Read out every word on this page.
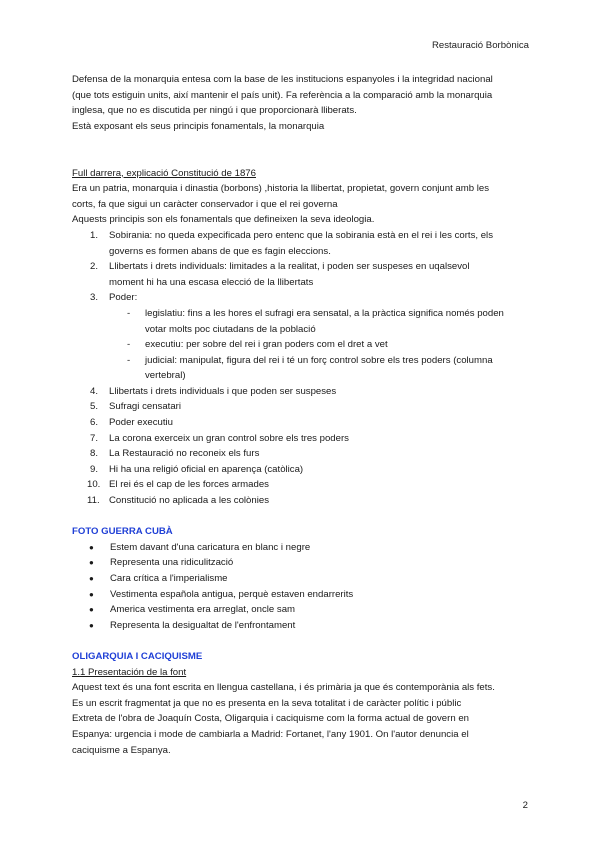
Restauració Borbònica

Defensa de la monarquia entesa com la base de les institucions espanyoles i la integridad nacional

(que tots estiguin units, així mantenir el país unit). Fa referència a la comparació amb la monarquia

inglesa, que no es discutida per ningú i que proporcionarà lliberats.

Està exposant els seus principis fonamentals, la monarquia

Full darrera, explicació Constitució de 1876

Era un patria, monarquia i dinastia (borbons) ,historia la llibertat, propietat, govern conjunt amb les

corts, fa que sigui un caràcter conservador i que el rei governa

Aquests principis son els fonamentals que defineixen la seva ideologia.

1.	Sobirania: no queda expecificada pero entenc que la sobirania està en el rei i les corts, els
governs es formen abans de que es fagin eleccions.
2.	Llibertats i drets individuals: limitades a la realitat, i poden ser suspeses en uqalsevol
moment hi ha una escasa elecció de la llibertats
3.	Poder:
- legislatiu: fins a les hores el sufragi era sensatal, a la pràctica significa només poden
votar molts poc ciutadans de la població
- executiu: per sobre del rei i gran poders com el dret a vet
- judicial: manipulat, figura del rei i té un forç control sobre els tres poders (columna
vertebral)
4.	Llibertats i drets individuals i que poden ser suspeses
5.	Sufragi censatari
6.	Poder executiu
7.	La corona exerceix un gran control sobre els tres poders
8.	La Restauració no reconeix els furs
9.	Hi ha una religió oficial en aparença (catòlica)
10. El rei és el cap de les forces armades
11. Constitució no aplicada a les colònies

FOTO GUERRA CUBÀ

● Estem davant d'una caricatura en blanc i negre
● Representa una ridiculització
● Cara crítica a l'imperialisme
● Vestimenta española antigua, perquè estaven endarrerits
● America vestimenta era arreglat, oncle sam
● Representa la desigualtat de l'enfrontament

OLIGARQUIA I CACIQUISME

1.1 Presentación de la font

Aquest text és una font escrita en llengua castellana, i és primària ja que és contemporània als fets.

Es un escrit fragmentat ja que no es presenta en la seva totalitat i de caràcter polític i públic

Extreta de l'obra de Joaquín Costa, Oligarquia i caciquisme com la forma actual de govern en

Espanya: urgencia i mode de cambiarla a Madrid: Fortanet, l'any 1901. On l'autor denuncia el

caciquisme a Espanya.

2
